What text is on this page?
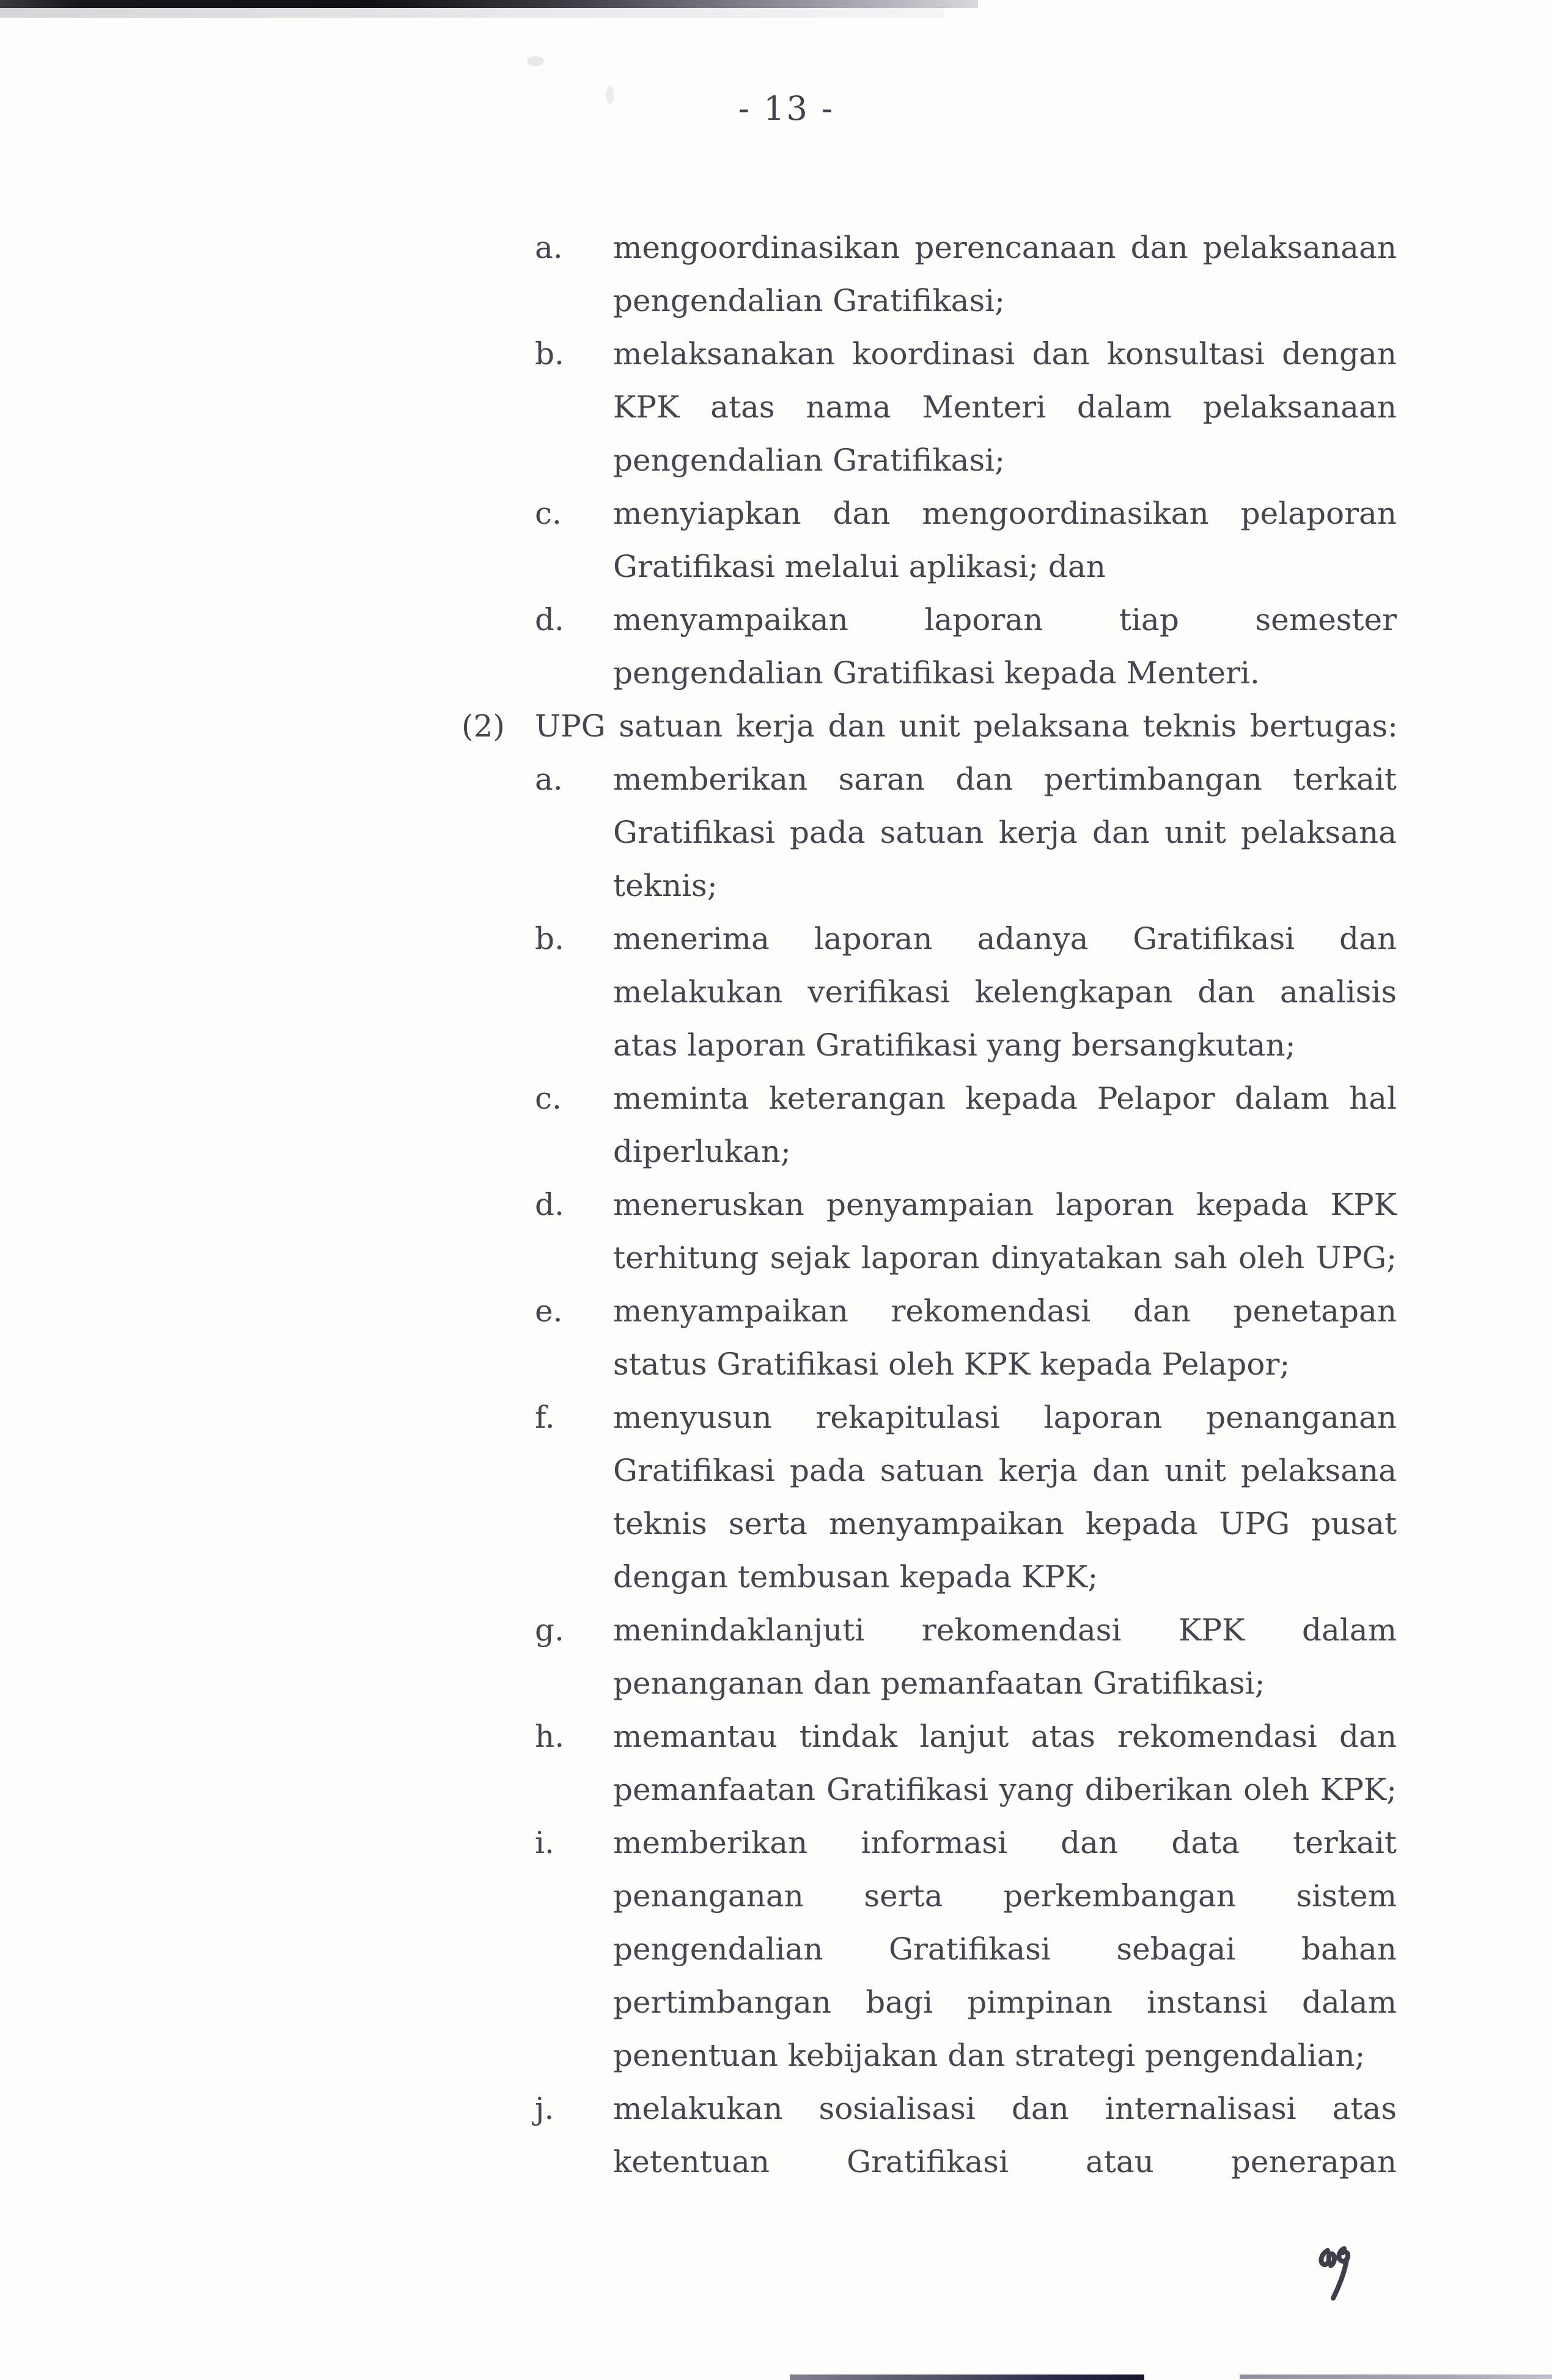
- 13 -
a.	mengoordinasikan perencanaan dan pelaksanaan
pengendalian Gratifikasi;
b.	melaksanakan koordinasi dan konsultasi dengan
KPK atas nama Menteri dalam pelaksanaan
pengendalian Gratifikasi;
c.	menyiapkan dan mengoordinasikan pelaporan
Gratifikasi melalui aplikasi; dan
d.	menyampaikan laporan tiap semester
pengendalian Gratifikasi kepada Menteri.
(2) UPG satuan kerja dan unit pelaksana teknis bertugas:
a.	memberikan saran dan pertimbangan terkait
Gratifikasi pada satuan kerja dan unit pelaksana
teknis;
b.	menerima laporan adanya Gratifikasi dan
melakukan verifikasi kelengkapan dan analisis
atas laporan Gratifikasi yang bersangkutan;
c.	meminta keterangan kepada Pelapor dalam hal
diperlukan;
d.	meneruskan penyampaian laporan kepada KPK
terhitung sejak laporan dinyatakan sah oleh UPG;
e.	menyampaikan rekomendasi dan penetapan
status Gratifikasi oleh KPK kepada Pelapor;
f.	menyusun rekapitulasi laporan penanganan
Gratifikasi pada satuan kerja dan unit pelaksana
teknis serta menyampaikan kepada UPG pusat
dengan tembusan kepada KPK;
g.	menindaklanjuti rekomendasi KPK dalam
penanganan dan pemanfaatan Gratifikasi;
h.	memantau tindak lanjut atas rekomendasi dan
pemanfaatan Gratifikasi yang diberikan oleh KPK;
i.	memberikan informasi dan data terkait
penanganan serta perkembangan sistem
pengendalian Gratifikasi sebagai bahan
pertimbangan bagi pimpinan instansi dalam
penentuan kebijakan dan strategi pengendalian;
j.	melakukan sosialisasi dan internalisasi atas
ketentuan Gratifikasi atau penerapan
